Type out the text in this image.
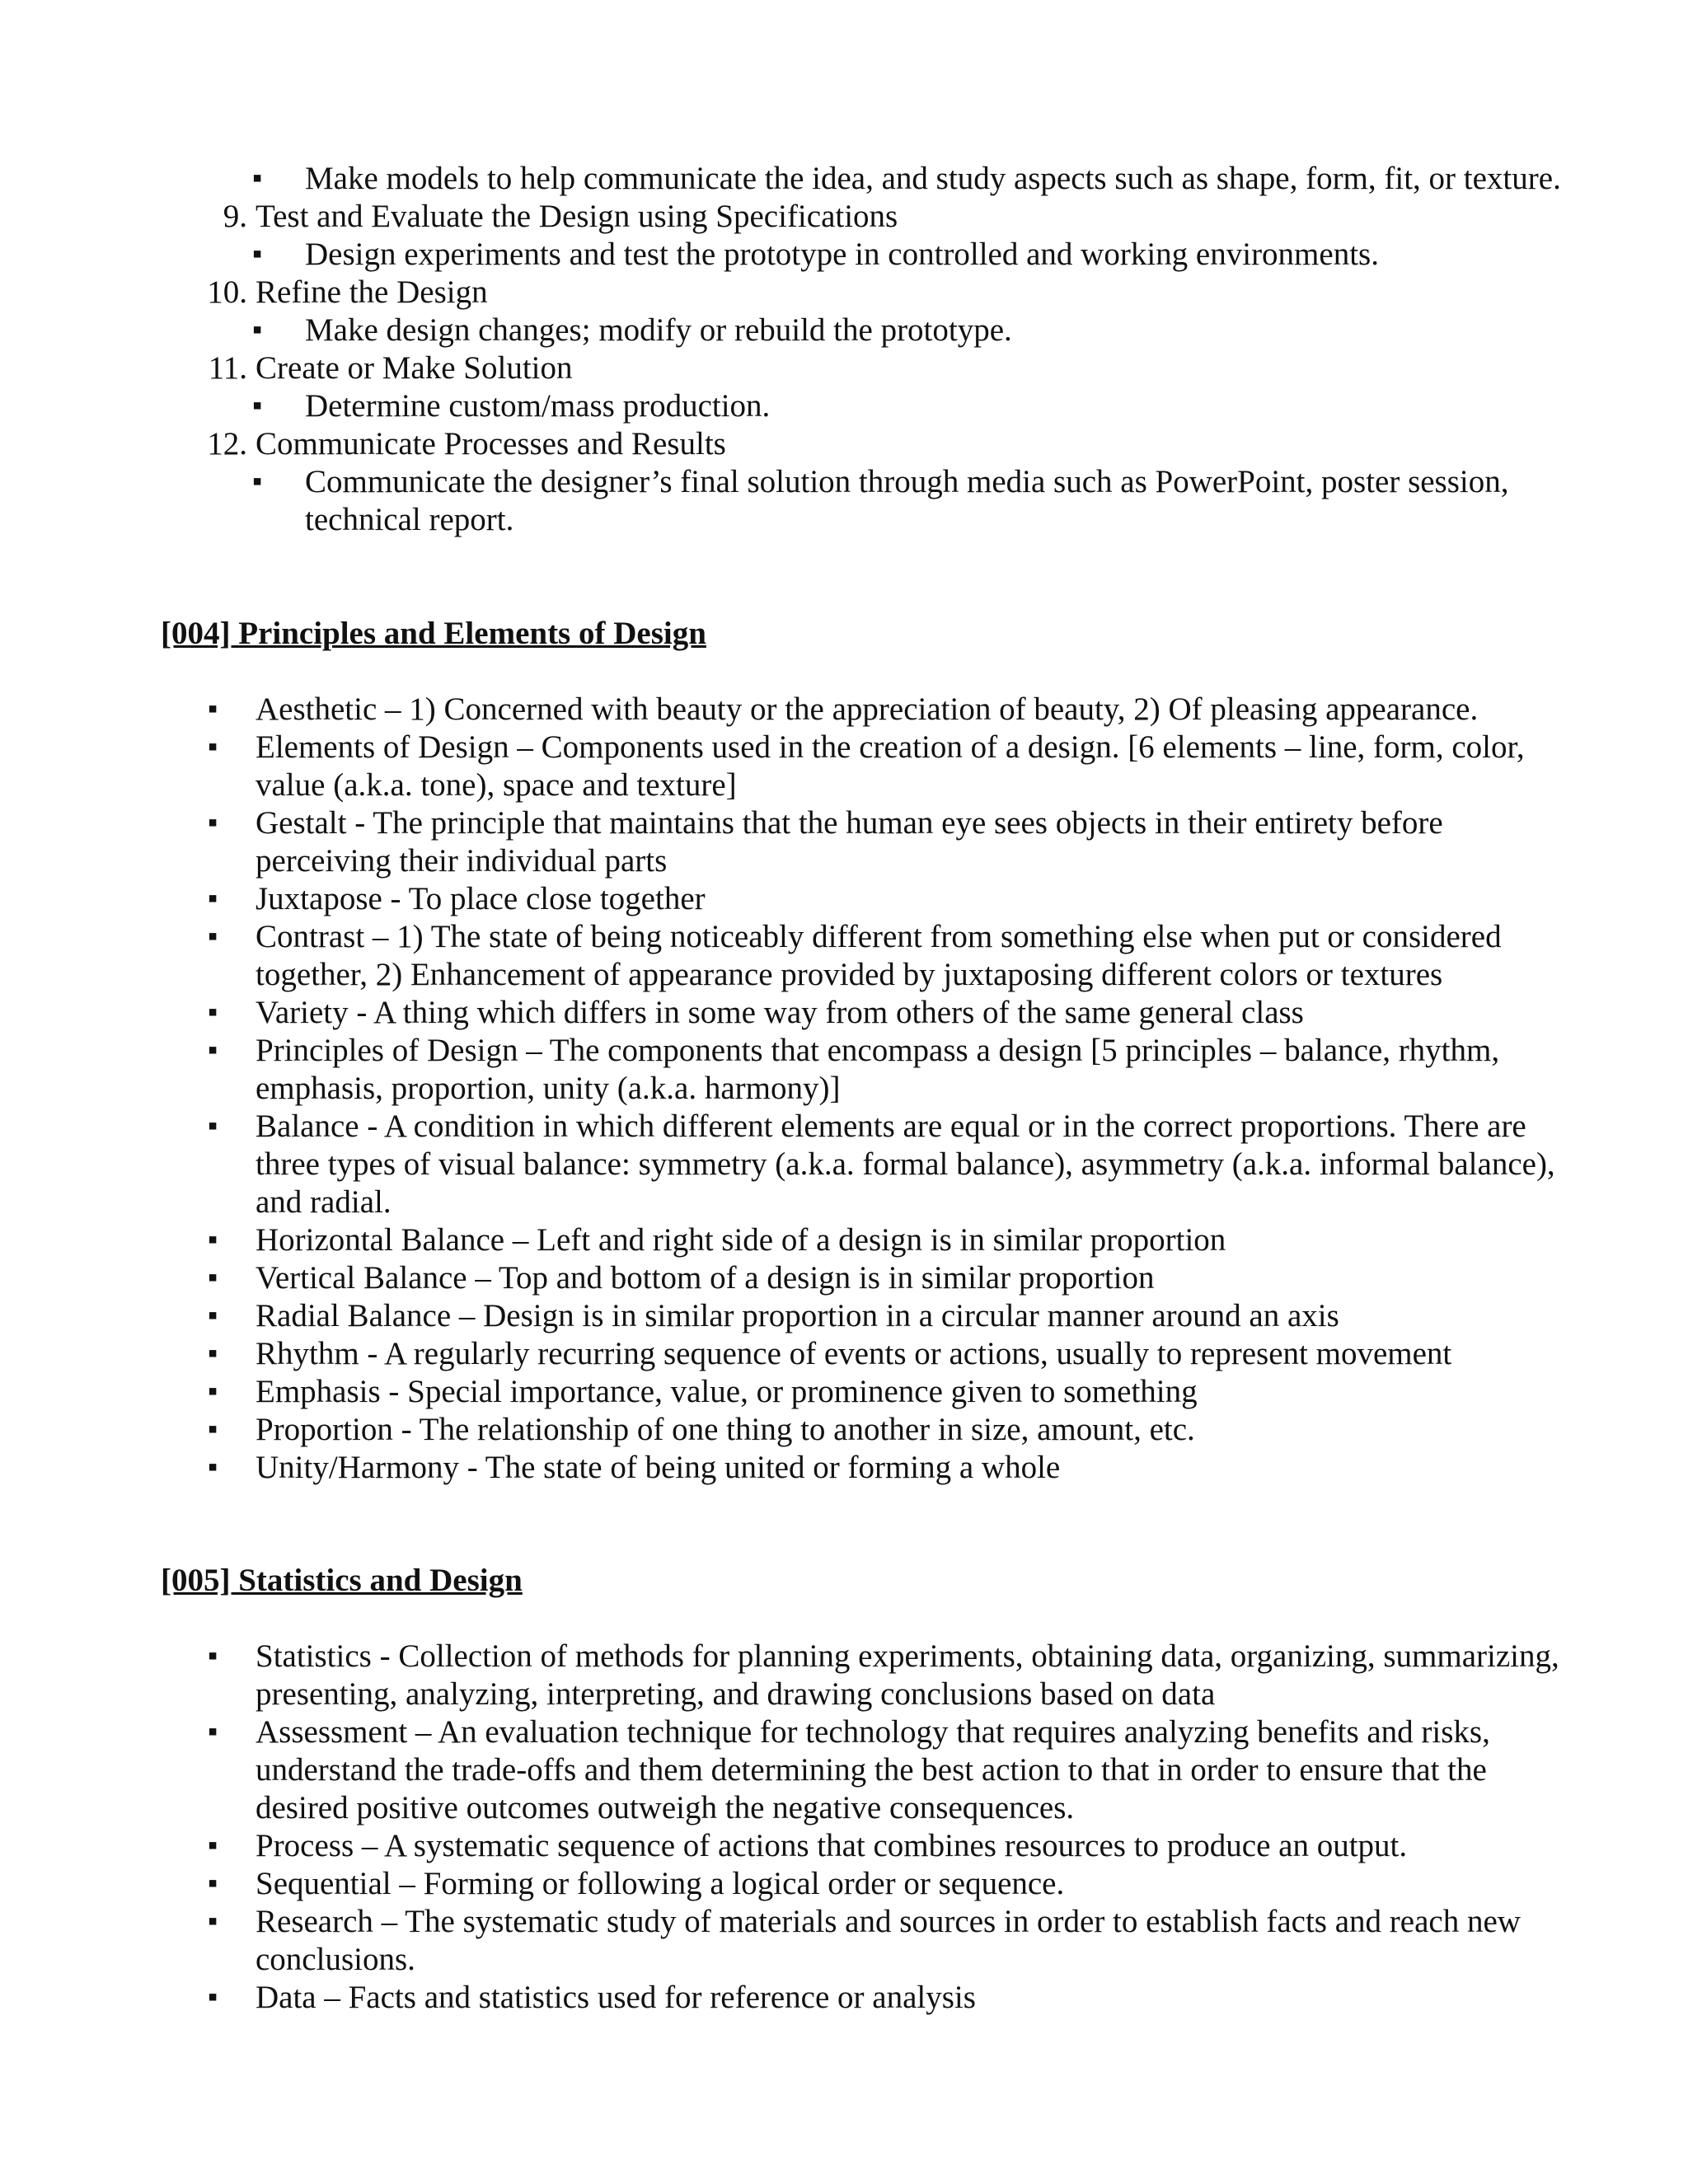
▪ Make models to help communicate the idea, and study aspects such as shape, form, fit, or texture.
9. Test and Evaluate the Design using Specifications
▪ Design experiments and test the prototype in controlled and working environments.
10. Refine the Design
▪ Make design changes; modify or rebuild the prototype.
11. Create or Make Solution
▪ Determine custom/mass production.
12. Communicate Processes and Results
▪ Communicate the designer’s final solution through media such as PowerPoint, poster session, technical report.
[004] Principles and Elements of Design
▪ Aesthetic – 1) Concerned with beauty or the appreciation of beauty, 2) Of pleasing appearance.
▪ Elements of Design – Components used in the creation of a design. [6 elements – line, form, color, value (a.k.a. tone), space and texture]
▪ Gestalt - The principle that maintains that the human eye sees objects in their entirety before perceiving their individual parts
▪ Juxtapose - To place close together
▪ Contrast – 1) The state of being noticeably different from something else when put or considered together, 2) Enhancement of appearance provided by juxtaposing different colors or textures
▪ Variety - A thing which differs in some way from others of the same general class
▪ Principles of Design – The components that encompass a design [5 principles – balance, rhythm, emphasis, proportion, unity (a.k.a. harmony)]
▪ Balance - A condition in which different elements are equal or in the correct proportions. There are three types of visual balance: symmetry (a.k.a. formal balance), asymmetry (a.k.a. informal balance), and radial.
▪ Horizontal Balance – Left and right side of a design is in similar proportion
▪ Vertical Balance – Top and bottom of a design is in similar proportion
▪ Radial Balance – Design is in similar proportion in a circular manner around an axis
▪ Rhythm - A regularly recurring sequence of events or actions, usually to represent movement
▪ Emphasis - Special importance, value, or prominence given to something
▪ Proportion - The relationship of one thing to another in size, amount, etc.
▪ Unity/Harmony - The state of being united or forming a whole
[005] Statistics and Design
▪ Statistics - Collection of methods for planning experiments, obtaining data, organizing, summarizing, presenting, analyzing, interpreting, and drawing conclusions based on data
▪ Assessment – An evaluation technique for technology that requires analyzing benefits and risks, understand the trade-offs and them determining the best action to that in order to ensure that the desired positive outcomes outweigh the negative consequences.
▪ Process – A systematic sequence of actions that combines resources to produce an output.
▪ Sequential – Forming or following a logical order or sequence.
▪ Research – The systematic study of materials and sources in order to establish facts and reach new conclusions.
▪ Data – Facts and statistics used for reference or analysis
